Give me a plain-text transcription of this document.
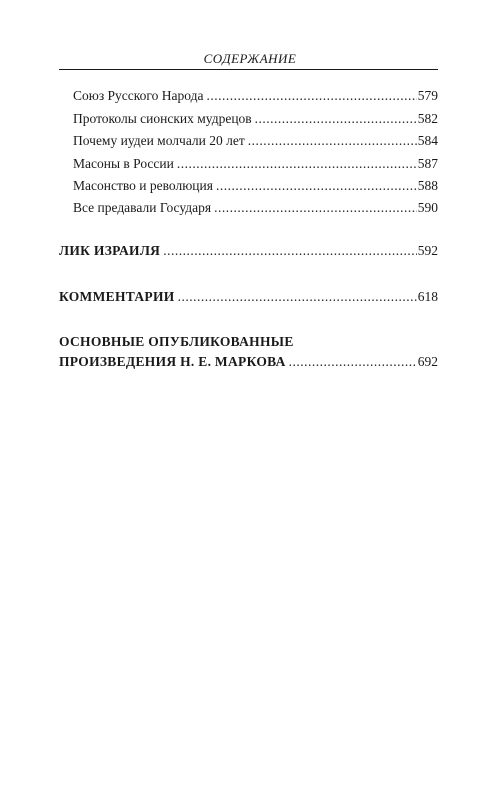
СОДЕРЖАНИЕ
Союз Русского Народа .....	579
Протоколы сионских мудрецов .....	582
Почему иудеи молчали 20 лет .....	584
Масоны в России .....	587
Масонство и революция .....	588
Все предавали Государя .....	590
ЛИК ИЗРАИЛЯ .....	592
КОММЕНТАРИИ .....	618
ОСНОВНЫЕ ОПУБЛИКОВАННЫЕ
ПРОИЗВЕДЕНИЯ Н. Е. МАРКОВА .....	692
